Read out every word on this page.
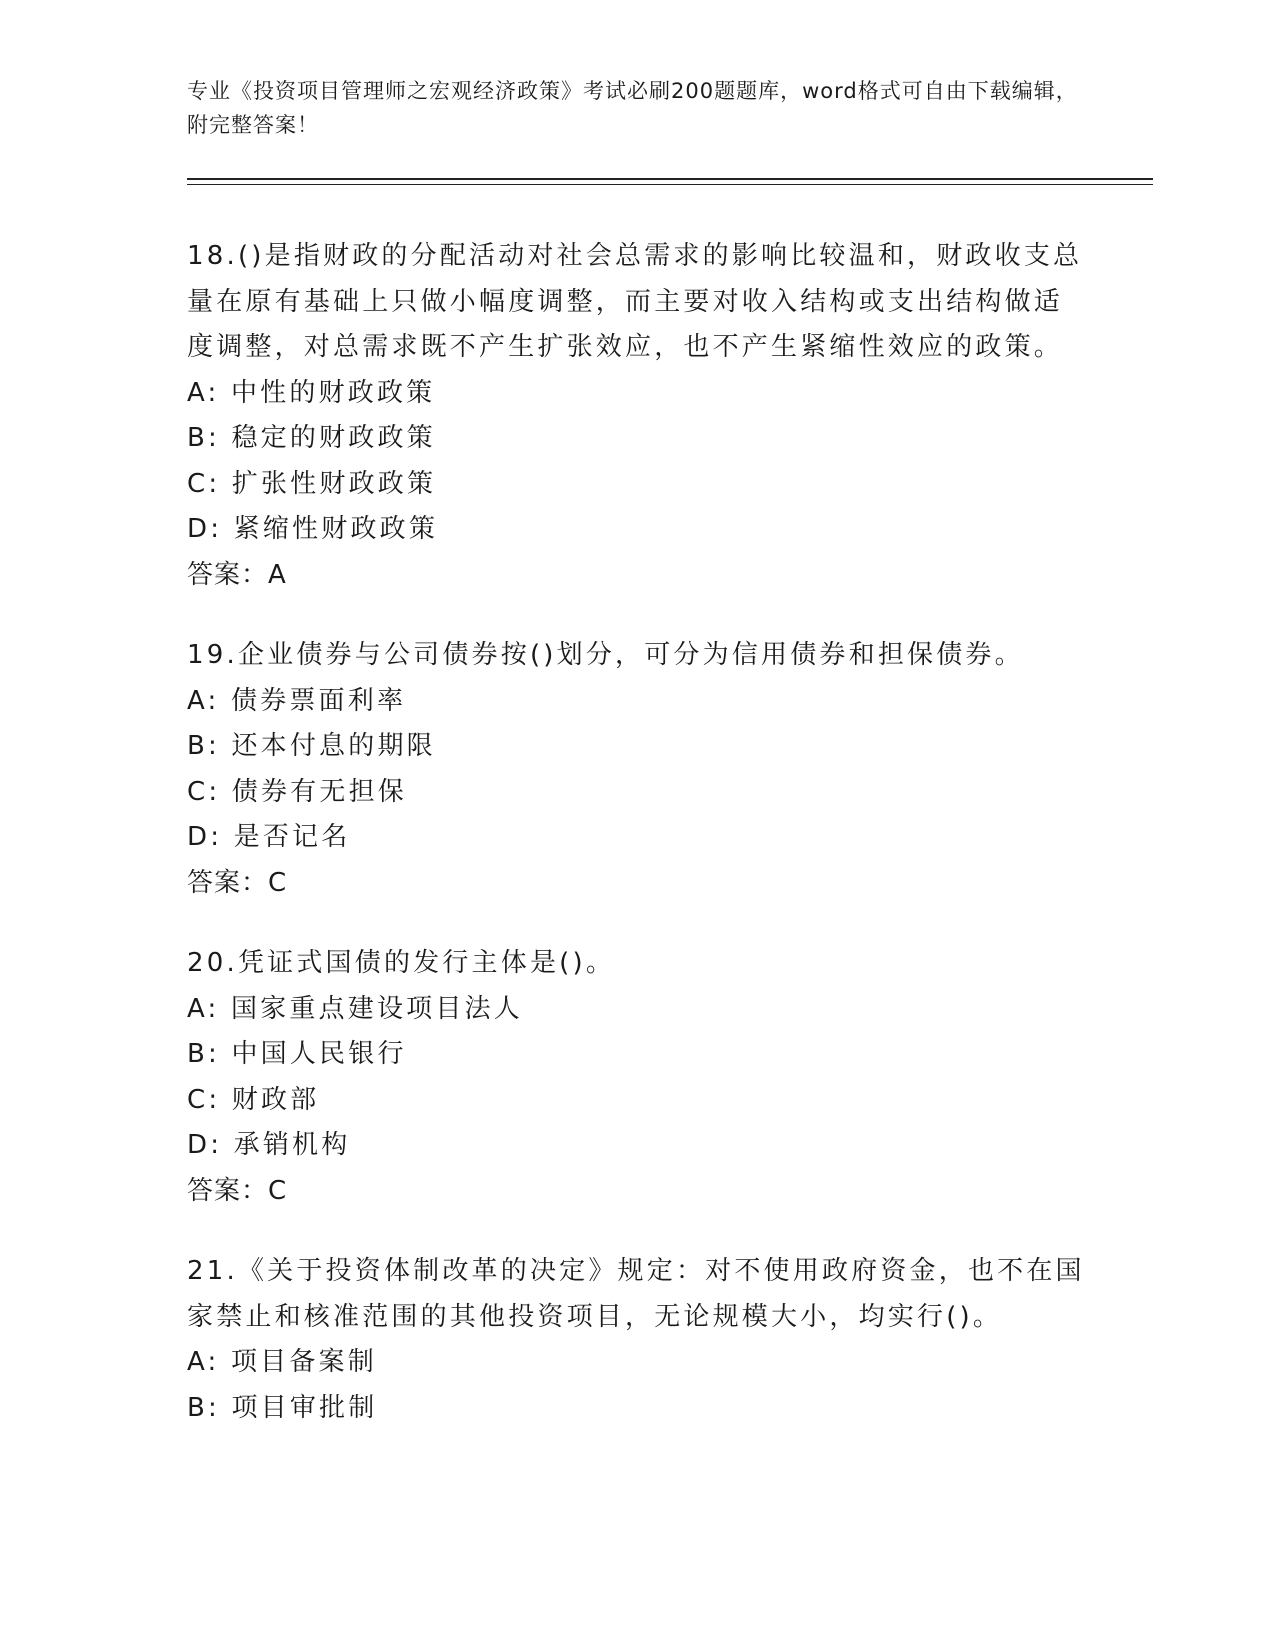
专业《投资项目管理师之宏观经济政策》考试必刷200题题库，word格式可自由下载编辑，附完整答案！

18.()是指财政的分配活动对社会总需求的影响比较温和，财政收支总量在原有基础上只做小幅度调整，而主要对收入结构或支出结构做适度调整，对总需求既不产生扩张效应，也不产生紧缩性效应的政策。

A: 中性的财政政策

B: 稳定的财政政策

C: 扩张性财政政策

D: 紧缩性财政政策

答案：A

19.企业债券与公司债券按()划分，可分为信用债券和担保债券。

A: 债券票面利率

B: 还本付息的期限

C: 债券有无担保

D: 是否记名

答案：C

20.凭证式国债的发行主体是()。

A: 国家重点建设项目法人

B: 中国人民银行

C: 财政部

D: 承销机构

答案：C

21.《关于投资体制改革的决定》规定：对不使用政府资金，也不在国家禁止和核准范围的其他投资项目，无论规模大小，均实行()。

A: 项目备案制

B: 项目审批制
